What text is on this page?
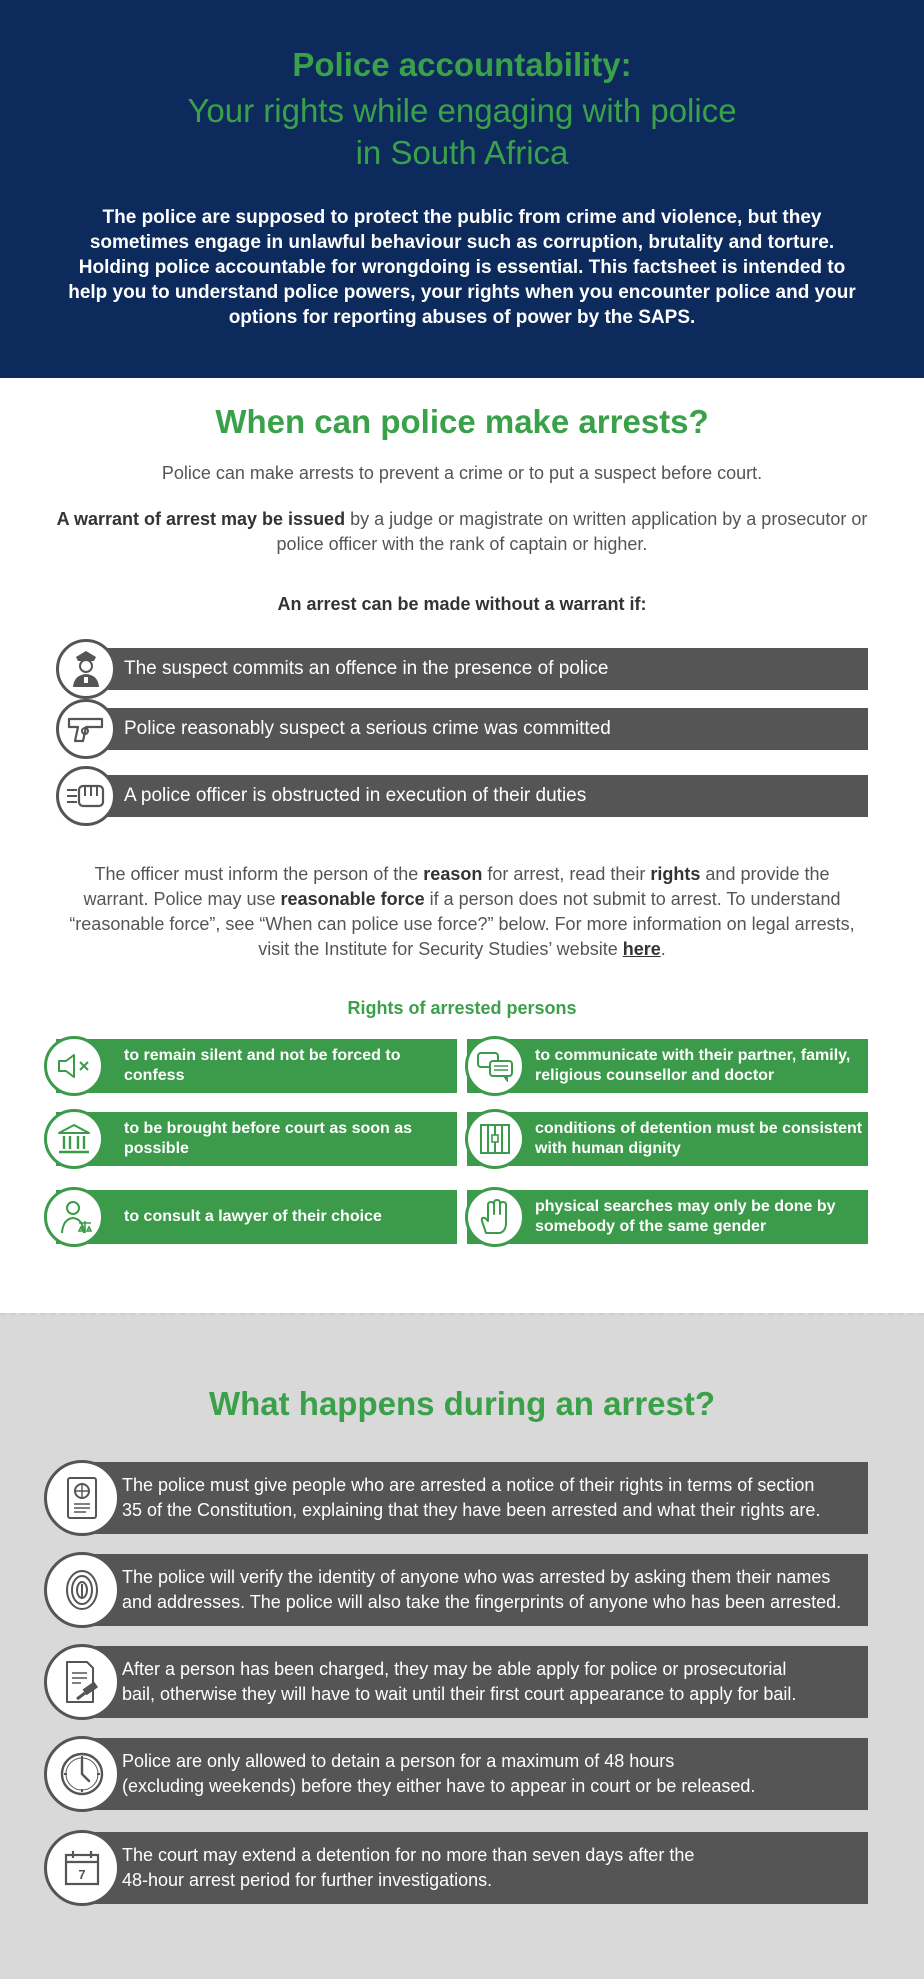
Police accountability:
Your rights while engaging with police
in South Africa
The police are supposed to protect the public from crime and violence, but they sometimes engage in unlawful behaviour such as corruption, brutality and torture. Holding police accountable for wrongdoing is essential. This factsheet is intended to help you to understand police powers, your rights when you encounter police and your options for reporting abuses of power by the SAPS.
When can police make arrests?
Police can make arrests to prevent a crime or to put a suspect before court.
A warrant of arrest may be issued by a judge or magistrate on written application by a prosecutor or police officer with the rank of captain or higher.
An arrest can be made without a warrant if:
The suspect commits an offence in the presence of police
Police reasonably suspect a serious crime was committed
A police officer is obstructed in execution of their duties
The officer must inform the person of the reason for arrest, read their rights and provide the warrant. Police may use reasonable force if a person does not submit to arrest. To understand “reasonable force”, see “When can police use force?” below. For more information on legal arrests, visit the Institute for Security Studies’ website here.
Rights of arrested persons
to remain silent and not be forced to confess
to communicate with their partner, family, religious counsellor and doctor
to be brought before court as soon as possible
conditions of detention must be consistent with human dignity
to consult a lawyer of their choice
physical searches may only be done by somebody of the same gender
What happens during an arrest?
The police must give people who are arrested a notice of their rights in terms of section
35 of the Constitution, explaining that they have been arrested and what their rights are.
The police will verify the identity of anyone who was arrested by asking them their names
and addresses. The police will also take the fingerprints of anyone who has been arrested.
After a person has been charged, they may be able apply for police or prosecutorial
bail, otherwise they will have to wait until their first court appearance to apply for bail.
Police are only allowed to detain a person for a maximum of 48 hours
(excluding weekends) before they either have to appear in court or be released.
The court may extend a detention for no more than seven days after the
48-hour arrest period for further investigations.
7
